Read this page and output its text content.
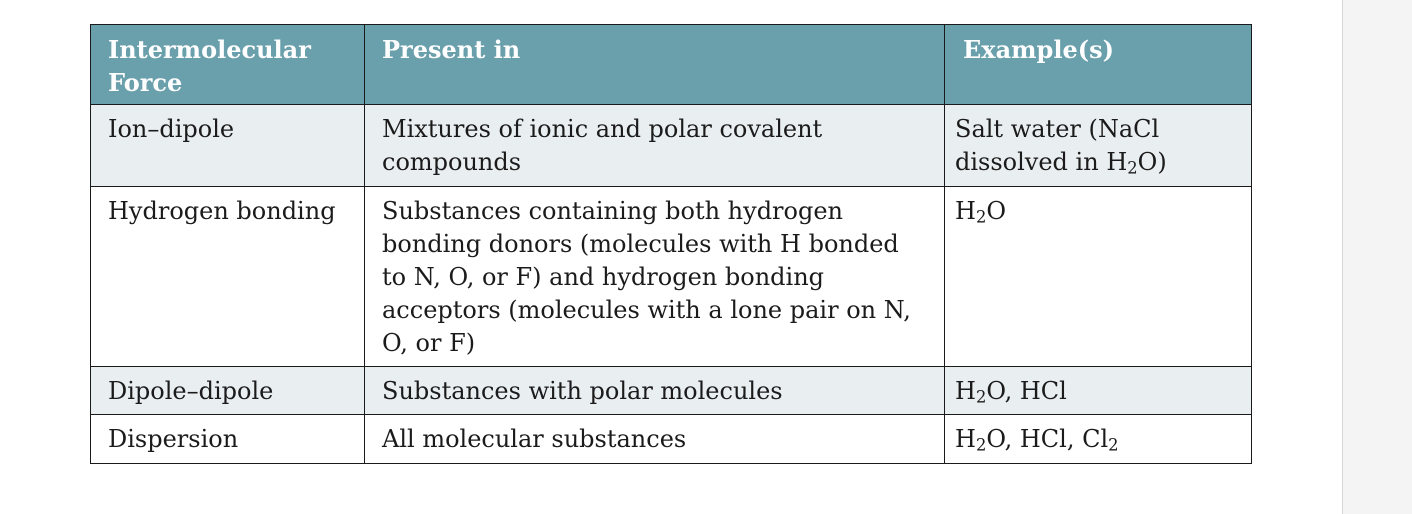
Intermolecular Force	Present in	Example(s)
Ion–dipole	Mixtures of ionic and polar covalent compounds	Salt water (NaCl dissolved in $H_2O$)
Hydrogen bonding	Substances containing both hydrogen bonding donors (molecules with H bonded to N, O, or F) and hydrogen bonding acceptors (molecules with a lone pair on N, O, or F)	$H_2O$
Dipole–dipole	Substances with polar molecules	$H_2O$, HCl
Dispersion	All molecular substances	$H_2O$, HCl, $Cl_2$
